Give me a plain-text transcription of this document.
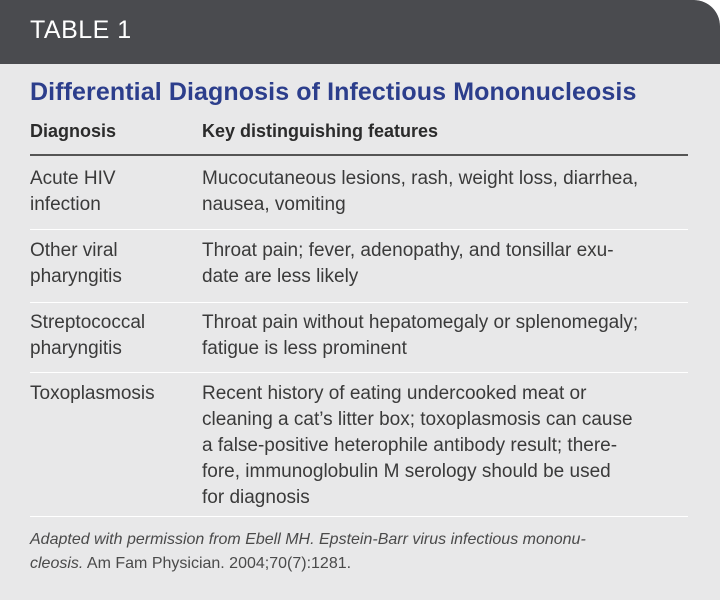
TABLE 1
Differential Diagnosis of Infectious Mononucleosis
Diagnosis	Key distinguishing features
Acute HIV
infection
Mucocutaneous lesions, rash, weight loss, diarrhea,
nausea, vomiting
Other viral
pharyngitis
Throat pain; fever, adenopathy, and tonsillar exu-
date are less likely
Streptococcal
pharyngitis
Throat pain without hepatomegaly or splenomegaly;
fatigue is less prominent
Toxoplasmosis	Recent history of eating undercooked meat or
cleaning a cat’s litter box; toxoplasmosis can cause
a false-positive heterophile antibody result; there-
fore, immunoglobulin M serology should be used
for diagnosis
Adapted with permission from Ebell MH. Epstein-Barr virus infectious mononu-
cleosis. Am Fam Physician. 2004;70(7):1281.
